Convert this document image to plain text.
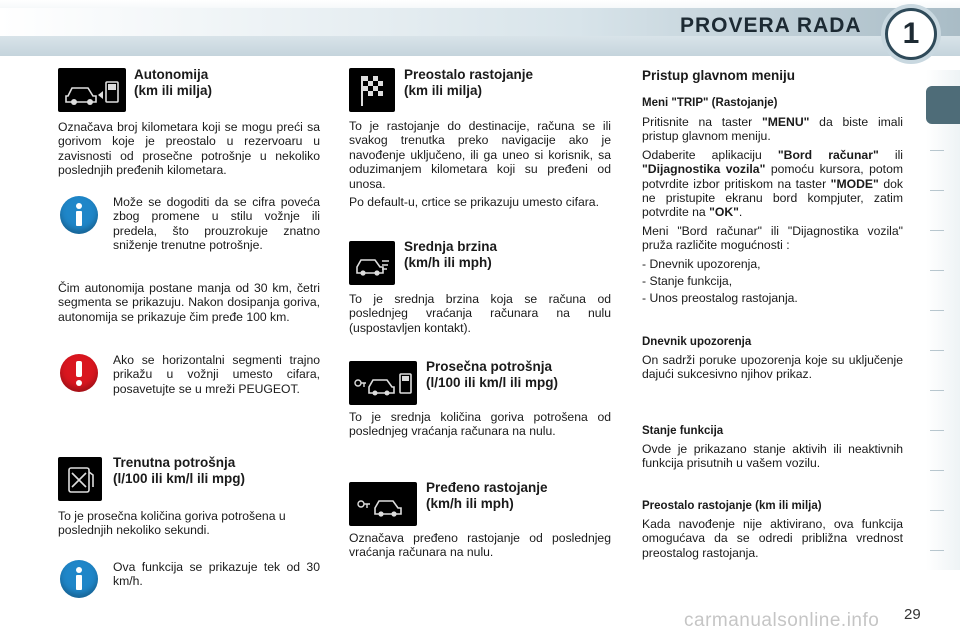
PROVERA RADA	1
Autonomija
(km ili milja)
Označava broj kilometara koji se mogu preći sa gorivom koje je preostalo u rezervoaru u zavisnosti od prosečne potrošnje u nekoliko poslednjih pređenih kilometara.
Može se dogoditi da se cifra poveća zbog promene u stilu vožnje ili predela, što prouzrokuje znatno sniženje trenutne potrošnje.
Čim autonomija postane manja od 30 km, četri segmenta se prikazuju. Nakon dosipanja goriva, autonomija se prikazuje čim pređe 100 km.
Ako se horizontalni segmenti trajno prikažu u vožnji umesto cifara, posavetujte se u mreži PEUGEOT.
Trenutna potrošnja
(l/100 ili km/l ili mpg)
To je prosečna količina goriva potrošena u poslednjih nekoliko sekundi.
Ova funkcija se prikazuje tek od 30 km/h.
Preostalo rastojanje
(km ili milja)

To je rastojanje do destinacije, računa se ili svakog trenutka preko navigacije ako je navođenje uključeno, ili ga uneo si korisnik, sa oduzimanjem kilometara koji su pređeni od unosa.

Po default-u, crtice se prikazuju umesto cifara.

Srednja brzina
(km/h ili mph)
To je srednja brzina koja se računa od poslednjeg vraćanja računara na nulu (uspostavljen kontakt).
Prosečna potrošnja
(l/100 ili km/l ili mpg)
To je srednja količina goriva potrošena od poslednjeg vraćanja računara na nulu.
Pređeno rastojanje
(km/h ili mph)
Označava pređeno rastojanje od poslednjeg vraćanja računara na nulu.
Pristup glavnom meniju
Meni "TRIP" (Rastojanje)

Pritisnite na taster "MENU" da biste imali pristup glavnom meniju.

Odaberite aplikaciju "Bord računar" ili "Dijagnostika vozila" pomoću kursora, potom potvrdite izbor pritiskom na taster "MODE" dok ne pristupite ekranu bord kompjuter, zatim potvrdite na "OK".

Meni "Bord računar" ili "Dijagnostika vozila" pruža različite mogućnosti :

- Dnevnik upozorenja,
- Stanje funkcija,
- Unos preostalog rastojanja.
Dnevnik upozorenja
On sadrži poruke upozorenja koje su uključenje dajući sukcesivno njihov prikaz.
Stanje funkcija
Ovde je prikazano stanje aktivih ili neaktivnih funkcija prisutnih u vašem vozilu.
Preostalo rastojanje (km ili milja)
Kada navođenje nije aktivirano, ova funkcija omogućava da se odredi približna vrednost preostalog rastojanja.
carmanualsonline.info 29
